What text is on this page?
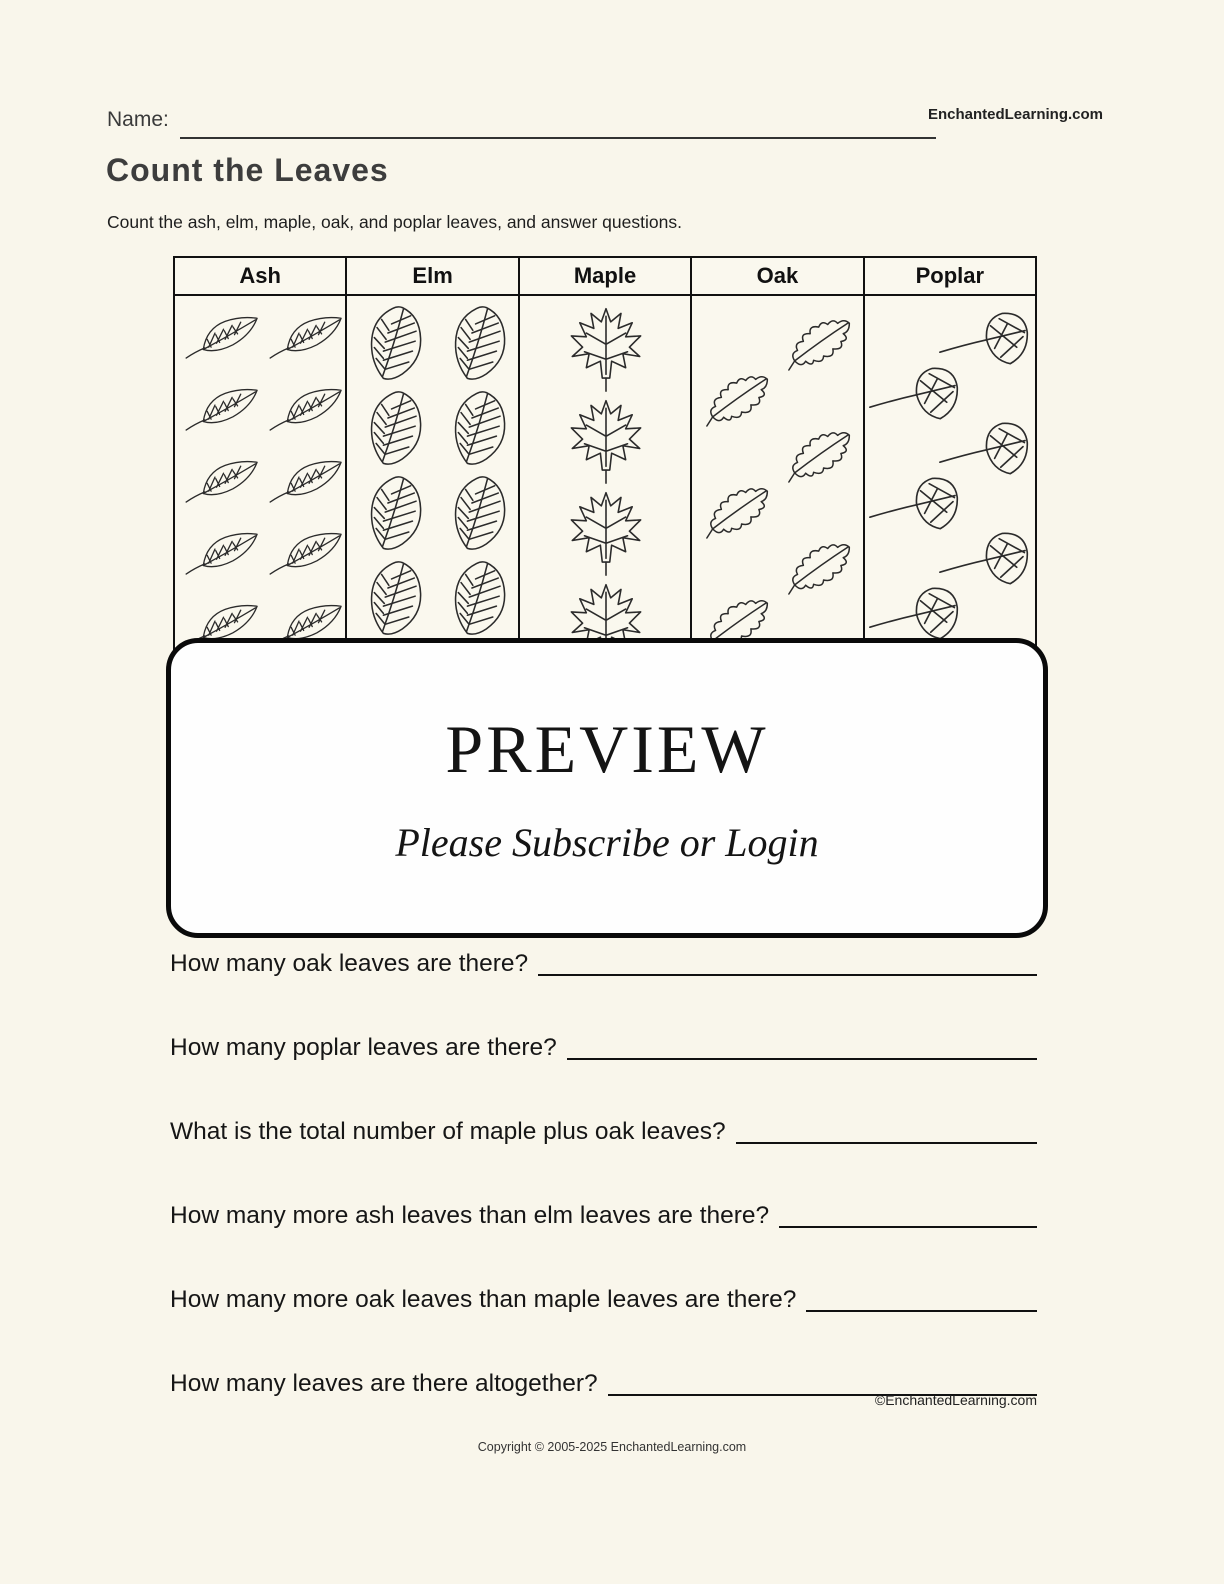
Name:	EnchantedLearning.com
Count the Leaves

Count the ash, elm, maple, oak, and poplar leaves, and answer questions.

Ash	Elm	Maple	Oak	Poplar
PREVIEW
Please Subscribe or Login
How many oak leaves are there?
How many poplar leaves are there?
What is the total number of maple plus oak leaves?
How many more ash leaves than elm leaves are there?
How many more oak leaves than maple leaves are there?
How many leaves are there altogether?
©EnchantedLearning.com
Copyright © 2005-2025 EnchantedLearning.com
